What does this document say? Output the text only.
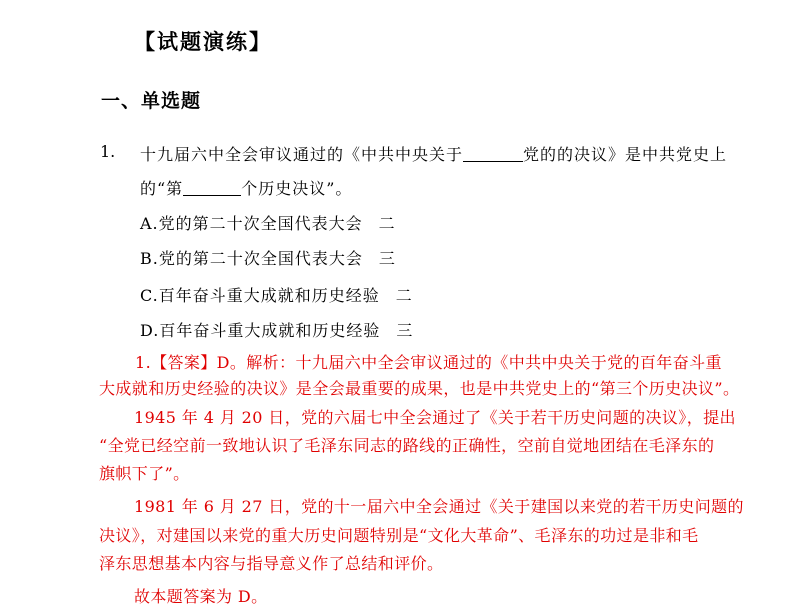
【试题演练】
一、单选题
1. 十九届六中全会审议通过的《中共中央关于	党的的决议》是中共党史上
的“第	个历史决议”。
A.党的第二十次全国代表大会 二
B.党的第二十次全国代表大会 三
C.百年奋斗重大成就和历史经验 二
D.百年奋斗重大成就和历史经验 三
1.【答案】D。解析：十九届六中全会审议通过的《中共中央关于党的百年奋斗重
大成就和历史经验的决议》是全会最重要的成果，也是中共党史上的“第三个历史决议”。
1945 年 4 月 20 日，党的六届七中全会通过了《关于若干历史问题的决议》，提出
“全党已经空前一致地认识了毛泽东同志的路线的正确性，空前自觉地团结在毛泽东的
旗帜下了”。
1981 年 6 月 27 日，党的十一届六中全会通过《关于建国以来党的若干历史问题的
决议》，对建国以来党的重大历史问题特别是“文化大革命”、毛泽东的功过是非和毛
泽东思想基本内容与指导意义作了总结和评价。
故本题答案为 D。
